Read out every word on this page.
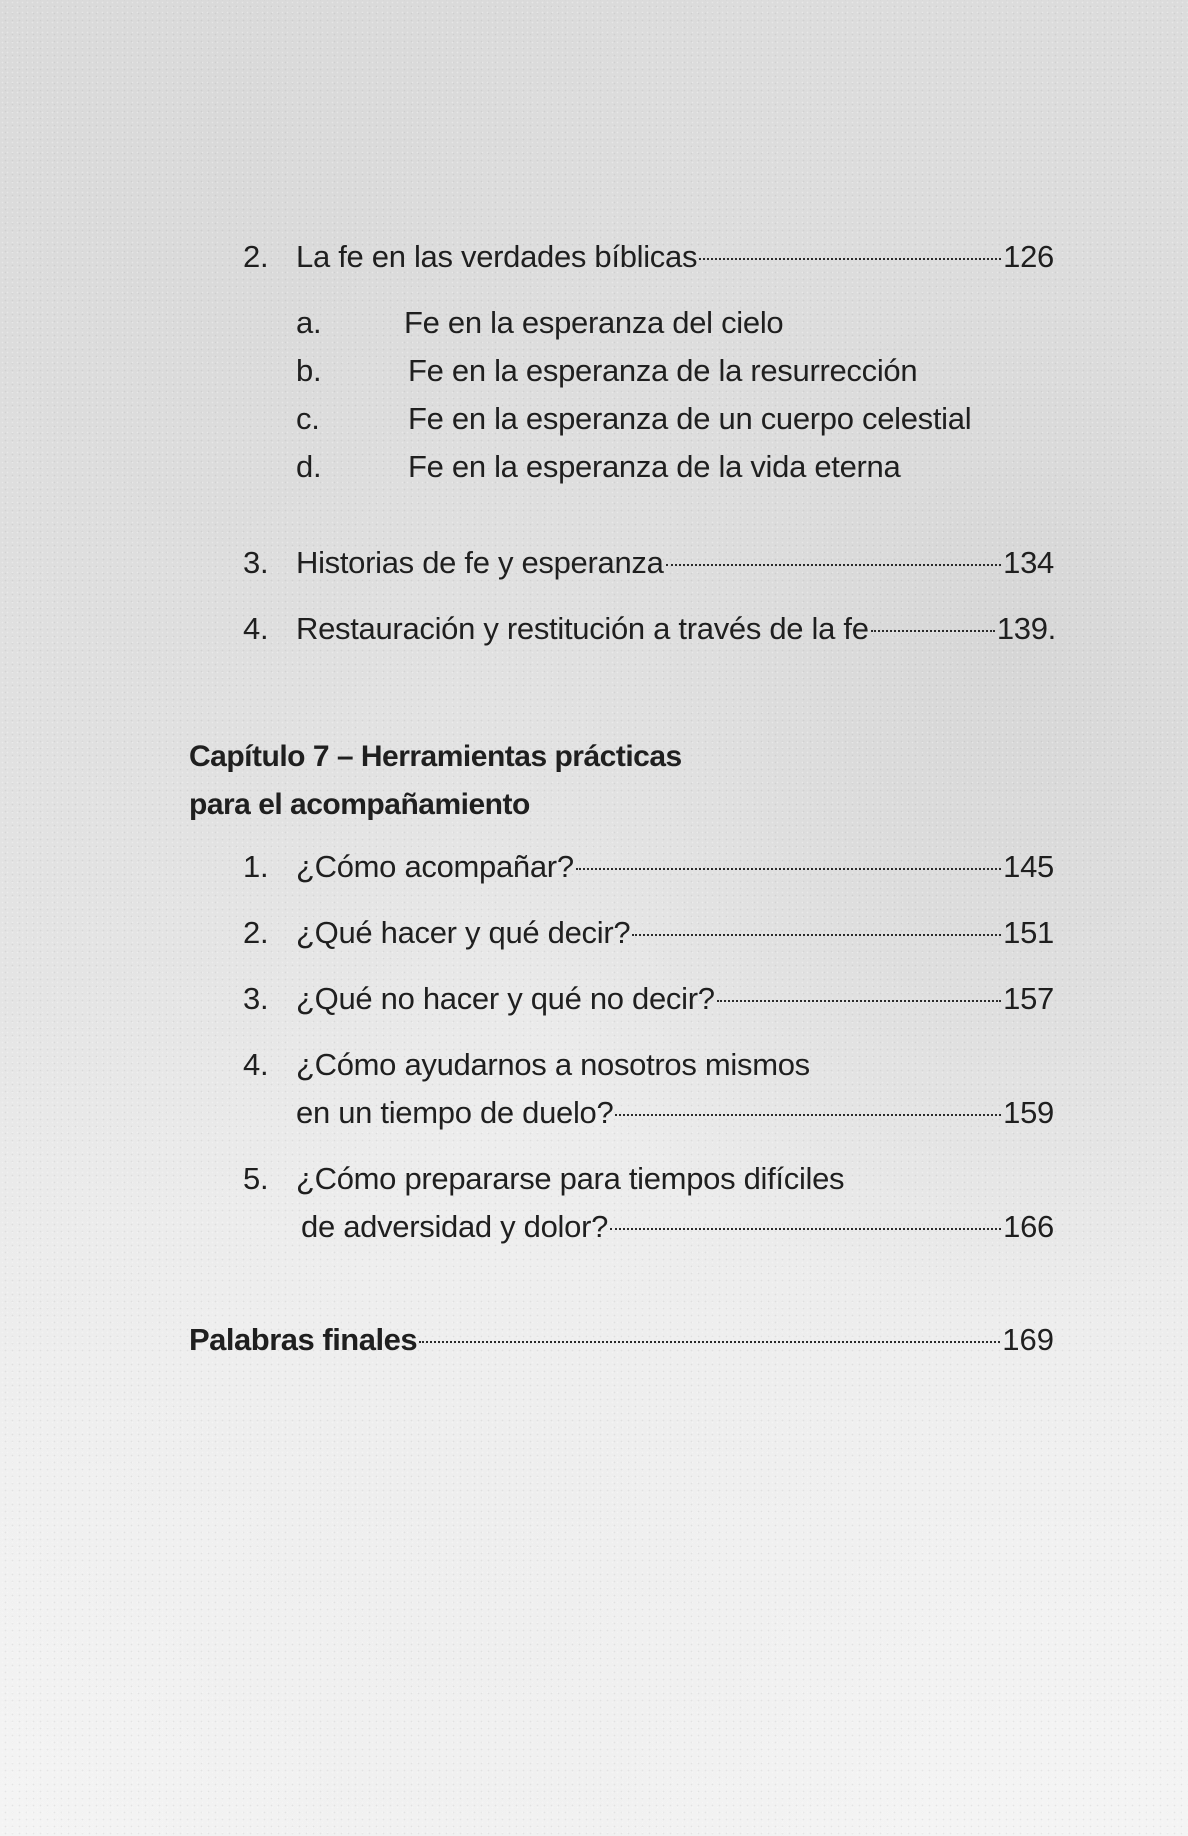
2. La fe en las verdades bíblicas	126
a.	Fe en la esperanza del cielo
b.	Fe en la esperanza de la resurrección
c.	Fe en la esperanza de un cuerpo celestial
d.	Fe en la esperanza de la vida eterna
3. Historias de fe y esperanza	134
4. Restauración y restitución a través de la fe	139.
Capítulo 7 – Herramientas prácticas
para el acompañamiento
1. ¿Cómo acompañar?	145
2. ¿Qué hacer y qué decir?	151
3. ¿Qué no hacer y qué no decir?	157
4. ¿Cómo ayudarnos a nosotros mismos
en un tiempo de duelo?	159
5. ¿Cómo prepararse para tiempos difíciles
de adversidad y dolor?	166
Palabras finales	169
